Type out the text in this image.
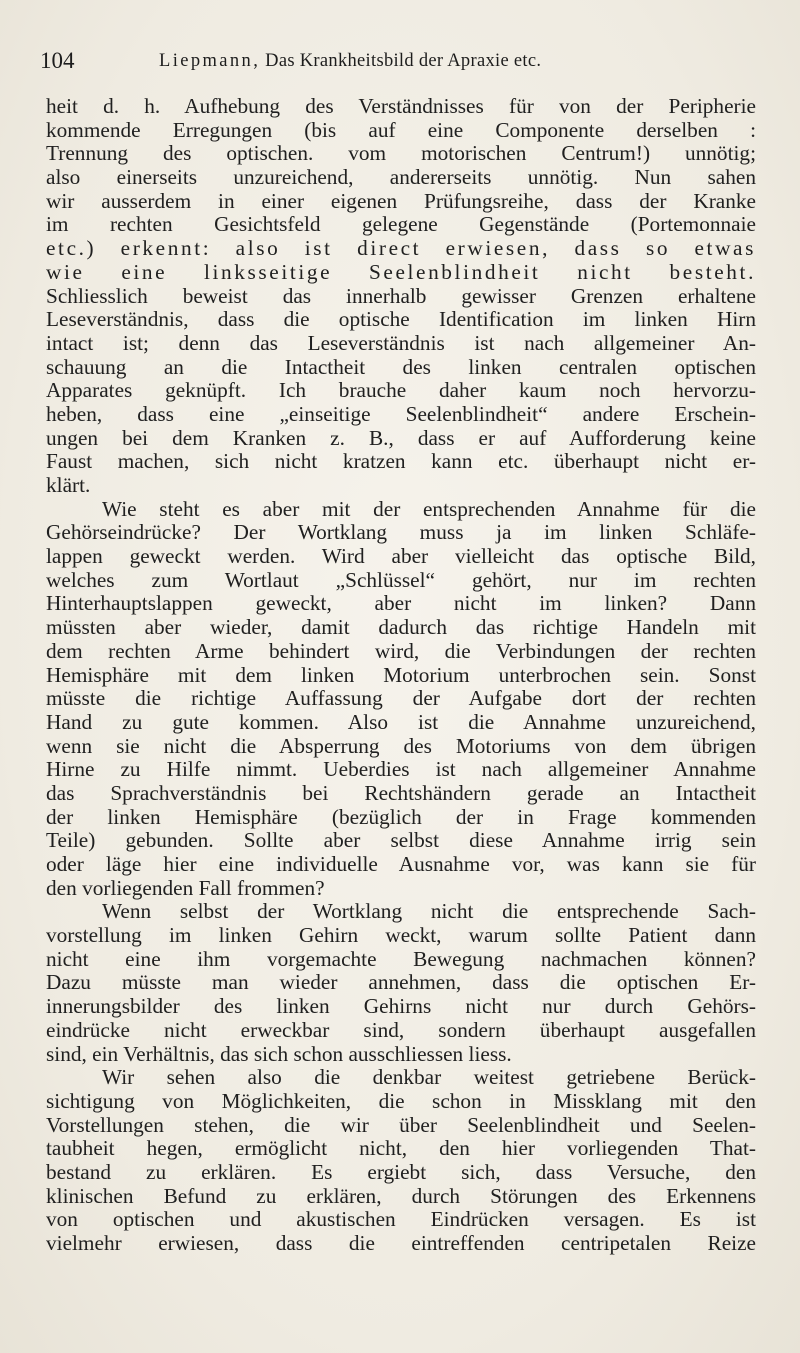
104	Liepmann, Das Krankheitsbild der Apraxie etc.
heit d. h. Aufhebung des Verständnisses für von der Peripherie
kommende Erregungen (bis auf eine Componente derselben :
Trennung des optischen. vom motorischen Centrum!) unnötig;
also einerseits unzureichend, andererseits unnötig. Nun sahen
wir ausserdem in einer eigenen Prüfungsreihe, dass der Kranke
im rechten Gesichtsfeld gelegene Gegenstände (Portemonnaie
etc.) erkennt: also ist direct erwiesen, dass so etwas
wie eine linksseitige Seelenblindheit nicht besteht.
Schliesslich beweist das innerhalb gewisser Grenzen erhaltene
Leseverständnis, dass die optische Identification im linken Hirn
intact ist; denn das Leseverständnis ist nach allgemeiner An-
schauung an die Intactheit des linken centralen optischen
Apparates geknüpft. Ich brauche daher kaum noch hervorzu-
heben, dass eine „einseitige Seelenblindheit“ andere Erschein-
ungen bei dem Kranken z. B., dass er auf Aufforderung keine
Faust machen, sich nicht kratzen kann etc. überhaupt nicht er-
klärt.
Wie steht es aber mit der entsprechenden Annahme für die
Gehörseindrücke? Der Wortklang muss ja im linken Schläfe-
lappen geweckt werden. Wird aber vielleicht das optische Bild,
welches zum Wortlaut „Schlüssel“ gehört, nur im rechten
Hinterhauptslappen geweckt, aber nicht im linken? Dann
müssten aber wieder, damit dadurch das richtige Handeln mit
dem rechten Arme behindert wird, die Verbindungen der rechten
Hemisphäre mit dem linken Motorium unterbrochen sein. Sonst
müsste die richtige Auffassung der Aufgabe dort der rechten
Hand zu gute kommen. Also ist die Annahme unzureichend,
wenn sie nicht die Absperrung des Motoriums von dem übrigen
Hirne zu Hilfe nimmt. Ueberdies ist nach allgemeiner Annahme
das Sprachverständnis bei Rechtshändern gerade an Intactheit
der linken Hemisphäre (bezüglich der in Frage kommenden
Teile) gebunden. Sollte aber selbst diese Annahme irrig sein
oder läge hier eine individuelle Ausnahme vor, was kann sie für
den vorliegenden Fall frommen?
Wenn selbst der Wortklang nicht die entsprechende Sach-
vorstellung im linken Gehirn weckt, warum sollte Patient dann
nicht eine ihm vorgemachte Bewegung nachmachen können?
Dazu müsste man wieder annehmen, dass die optischen Er-
innerungsbilder des linken Gehirns nicht nur durch Gehörs-
eindrücke nicht erweckbar sind, sondern überhaupt ausgefallen
sind, ein Verhältnis, das sich schon ausschliessen liess.
Wir sehen also die denkbar weitest getriebene Berück-
sichtigung von Möglichkeiten, die schon in Missklang mit den
Vorstellungen stehen, die wir über Seelenblindheit und Seelen-
taubheit hegen, ermöglicht nicht, den hier vorliegenden That-
bestand zu erklären. Es ergiebt sich, dass Versuche, den
klinischen Befund zu erklären, durch Störungen des Erkennens
von optischen und akustischen Eindrücken versagen. Es ist
vielmehr erwiesen, dass die eintreffenden centripetalen Reize
